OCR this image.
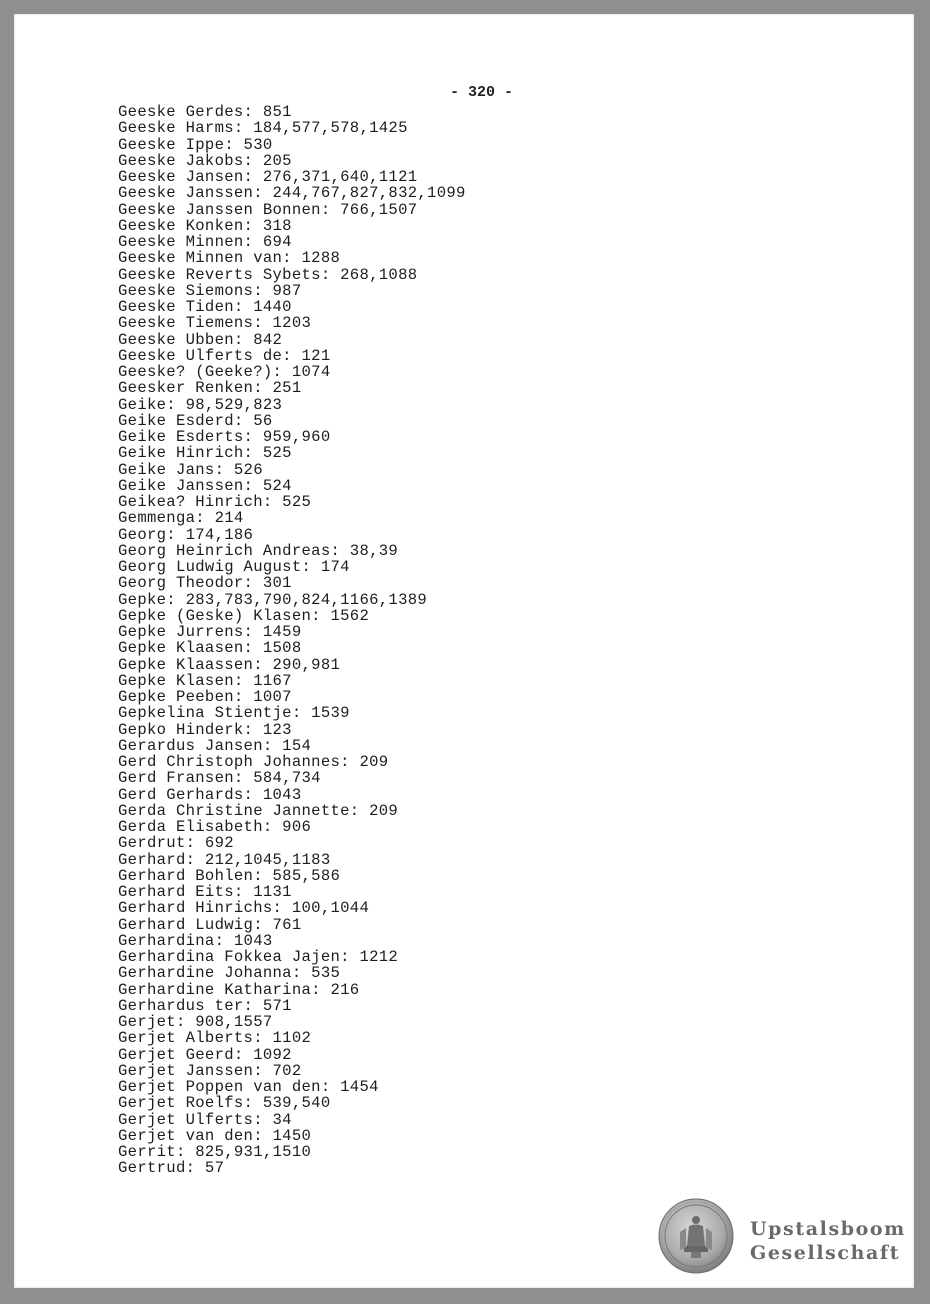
- 320 -
Geeske Gerdes: 851
Geeske Harms: 184,577,578,1425
Geeske Ippe: 530
Geeske Jakobs: 205
Geeske Jansen: 276,371,640,1121
Geeske Janssen: 244,767,827,832,1099
Geeske Janssen Bonnen: 766,1507
Geeske Konken: 318
Geeske Minnen: 694
Geeske Minnen van: 1288
Geeske Reverts Sybets: 268,1088
Geeske Siemons: 987
Geeske Tiden: 1440
Geeske Tiemens: 1203
Geeske Ubben: 842
Geeske Ulferts de: 121
Geeske? (Geeke?): 1074
Geesker Renken: 251
Geike: 98,529,823
Geike Esderd: 56
Geike Esderts: 959,960
Geike Hinrich: 525
Geike Jans: 526
Geike Janssen: 524
Geikea? Hinrich: 525
Gemmenga: 214
Georg: 174,186
Georg Heinrich Andreas: 38,39
Georg Ludwig August: 174
Georg Theodor: 301
Gepke: 283,783,790,824,1166,1389
Gepke (Geske) Klasen: 1562
Gepke Jurrens: 1459
Gepke Klaasen: 1508
Gepke Klaassen: 290,981
Gepke Klasen: 1167
Gepke Peeben: 1007
Gepkelina Stientje: 1539
Gepko Hinderk: 123
Gerardus Jansen: 154
Gerd Christoph Johannes: 209
Gerd Fransen: 584,734
Gerd Gerhards: 1043
Gerda Christine Jannette: 209
Gerda Elisabeth: 906
Gerdrut: 692
Gerhard: 212,1045,1183
Gerhard Bohlen: 585,586
Gerhard Eits: 1131
Gerhard Hinrichs: 100,1044
Gerhard Ludwig: 761
Gerhardina: 1043
Gerhardina Fokkea Jajen: 1212
Gerhardine Johanna: 535
Gerhardine Katharina: 216
Gerhardus ter: 571
Gerjet: 908,1557
Gerjet Alberts: 1102
Gerjet Geerd: 1092
Gerjet Janssen: 702
Gerjet Poppen van den: 1454
Gerjet Roelfs: 539,540
Gerjet Ulferts: 34
Gerjet van den: 1450
Gerrit: 825,931,1510
Gertrud: 57
Upstalsboom
Gesellschaft
